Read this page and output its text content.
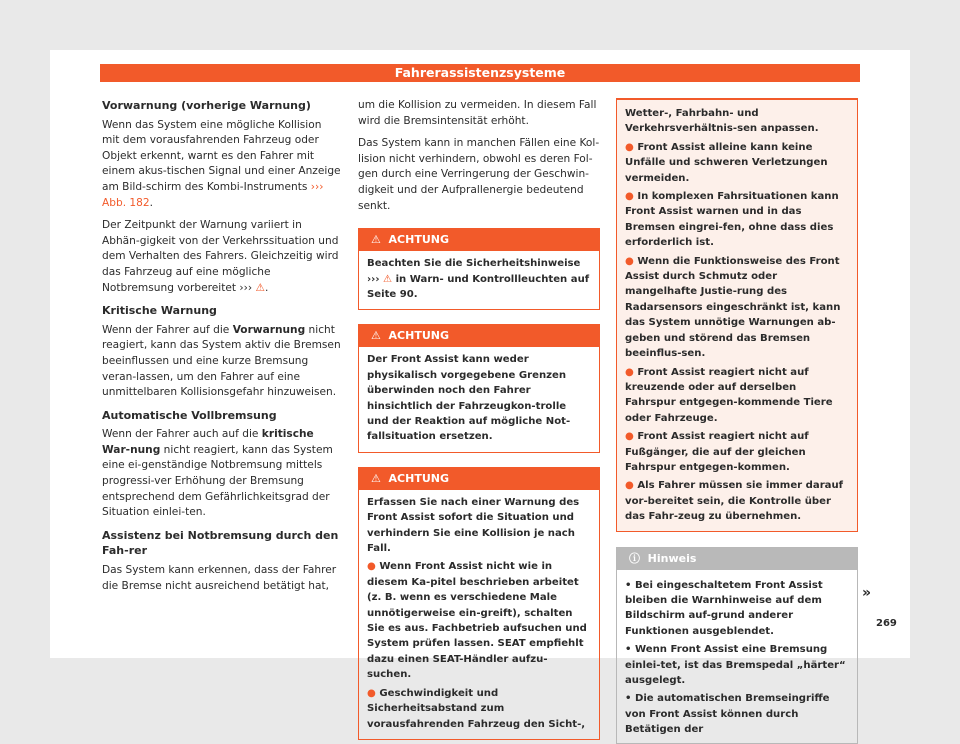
Fahrerassistenzsysteme
Vorwarnung (vorherige Warnung)

Wenn das System eine mögliche Kollision mit dem vorausfahrenden Fahrzeug oder Objekt erkennt, warnt es den Fahrer mit einem akus-tischen Signal und einer Anzeige am Bild-schirm des Kombi-Instruments ››› Abb. 182.

Der Zeitpunkt der Warnung variiert in Abhän-gigkeit von der Verkehrssituation und dem Verhalten des Fahrers. Gleichzeitig wird das Fahrzeug auf eine mögliche Notbremsung vorbereitet ››› ⚠.

Kritische Warnung

Wenn der Fahrer auf die Vorwarnung nicht reagiert, kann das System aktiv die Bremsen beeinflussen und eine kurze Bremsung veran-lassen, um den Fahrer auf eine unmittelbaren Kollisionsgefahr hinzuweisen.

Automatische Vollbremsung

Wenn der Fahrer auch auf die kritische War-nung nicht reagiert, kann das System eine ei-genständige Notbremsung mittels progressi-ver Erhöhung der Bremsung entsprechend dem Gefährlichkeitsgrad der Situation einlei-ten.

Assistenz bei Notbremsung durch den Fah-rer

Das System kann erkennen, dass der Fahrer die Bremse nicht ausreichend betätigt hat,

um die Kollision zu vermeiden. In diesem Fall wird die Bremsintensität erhöht.

Das System kann in manchen Fällen eine Kol-lision nicht verhindern, obwohl es deren Fol-gen durch eine Verringerung der Geschwin-digkeit und der Aufprallenergie bedeutend senkt.

⚠ ACHTUNG
Beachten Sie die Sicherheitshinweise ››› ⚠ in Warn- und Kontrollleuchten auf Seite 90.
⚠ ACHTUNG
Der Front Assist kann weder physikalisch vorgegebene Grenzen überwinden noch den Fahrer hinsichtlich der Fahrzeugkon-trolle und der Reaktion auf mögliche Not-fallsituation ersetzen.
⚠ ACHTUNG
Erfassen Sie nach einer Warnung des Front Assist sofort die Situation und verhindern Sie eine Kollision je nach Fall.
● Wenn Front Assist nicht wie in diesem Ka-pitel beschrieben arbeitet (z. B. wenn es verschiedene Male unnötigerweise ein-greift), schalten Sie es aus. Fachbetrieb aufsuchen und System prüfen lassen. SEAT empfiehlt dazu einen SEAT-Händler aufzu-suchen.
● Geschwindigkeit und Sicherheitsabstand zum vorausfahrenden Fahrzeug den Sicht-,
Wetter-, Fahrbahn- und Verkehrsverhältnis-sen anpassen.
● Front Assist alleine kann keine Unfälle und schweren Verletzungen vermeiden.
● In komplexen Fahrsituationen kann Front Assist warnen und in das Bremsen eingrei-fen, ohne dass dies erforderlich ist.
● Wenn die Funktionsweise des Front Assist durch Schmutz oder mangelhafte Justie-rung des Radarsensors eingeschränkt ist, kann das System unnötige Warnungen ab-geben und störend das Bremsen beeinflus-sen.
● Front Assist reagiert nicht auf kreuzende oder auf derselben Fahrspur entgegen-kommende Tiere oder Fahrzeuge.
● Front Assist reagiert nicht auf Fußgänger, die auf der gleichen Fahrspur entgegen-kommen.
● Als Fahrer müssen sie immer darauf vor-bereitet sein, die Kontrolle über das Fahr-zeug zu übernehmen.
ⓘ Hinweis
• Bei eingeschaltetem Front Assist bleiben die Warnhinweise auf dem Bildschirm auf-grund anderer Funktionen ausgeblendet.
• Wenn Front Assist eine Bremsung einlei-tet, ist das Bremspedal „härter“ ausgelegt.
• Die automatischen Bremseingriffe von Front Assist können durch Betätigen der
»
269
